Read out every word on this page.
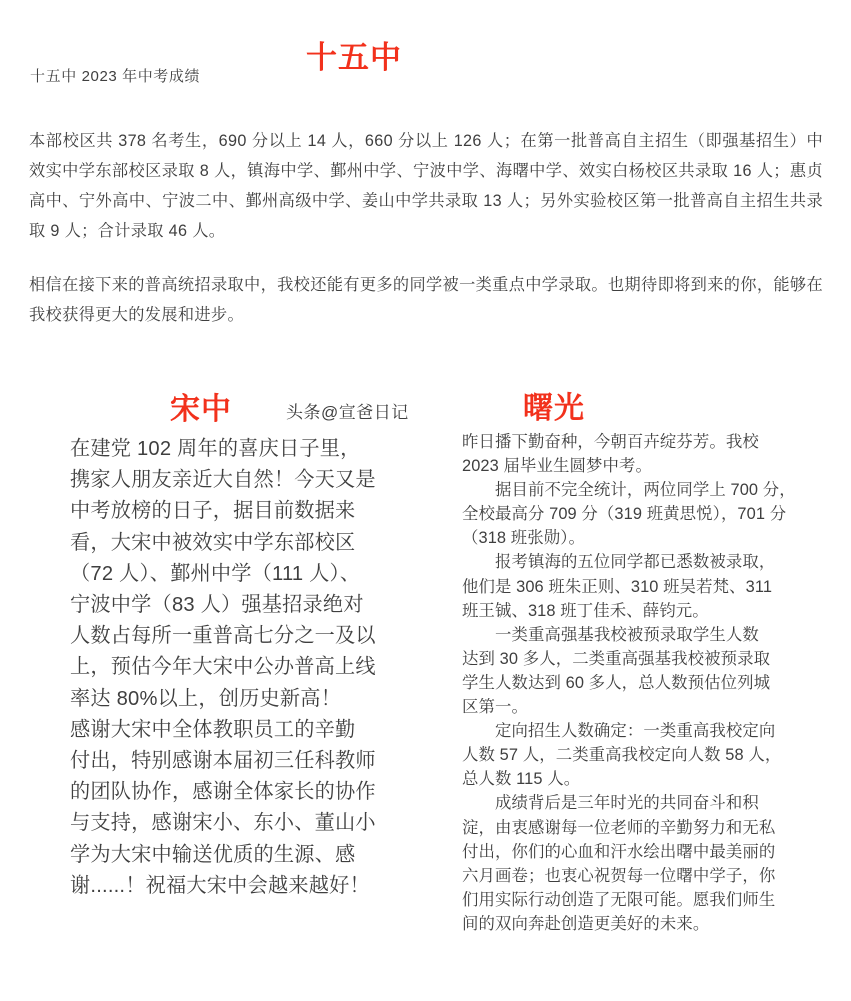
十五中
十五中 2023 年中考成绩
本部校区共 378 名考生，690 分以上 14 人，660 分以上 126 人；在第一批普高自主招生（即强基招生）中效实中学东部校区录取 8 人，镇海中学、鄞州中学、宁波中学、海曙中学、效实白杨校区共录取 16 人；惠贞高中、宁外高中、宁波二中、鄞州高级中学、姜山中学共录取 13 人；另外实验校区第一批普高自主招生共录取 9 人；合计录取 46 人。
相信在接下来的普高统招录取中，我校还能有更多的同学被一类重点中学录取。也期待即将到来的你，能够在我校获得更大的发展和进步。
宋中	头条@宣爸日记	曙光
在建党 102 周年的喜庆日子里，
携家人朋友亲近大自然！今天又是
中考放榜的日子，据目前数据来
看，大宋中被效实中学东部校区
（72 人）、鄞州中学（111 人）、
宁波中学（83 人）强基招录绝对
人数占每所一重普高七分之一及以
上，预估今年大宋中公办普高上线
率达 80%以上，创历史新高！
感谢大宋中全体教职员工的辛勤
付出，特别感谢本届初三任科教师
的团队协作，感谢全体家长的协作
与支持，感谢宋小、东小、董山小
学为大宋中输送优质的生源、感
谢......！祝福大宋中会越来越好！
昨日播下勤奋种，今朝百卉绽芬芳。我校
2023 届毕业生圆梦中考。
　　据目前不完全统计，两位同学上 700 分，
全校最高分 709 分（319 班黄思悦），701 分
（318 班张勋）。
　　报考镇海的五位同学都已悉数被录取，
他们是 306 班朱正则、310 班吴若梵、311
班王铖、318 班丁佳禾、薛钧元。
　　一类重高强基我校被预录取学生人数
达到 30 多人，二类重高强基我校被预录取
学生人数达到 60 多人，总人数预估位列城
区第一。
　　定向招生人数确定：一类重高我校定向
人数 57 人，二类重高我校定向人数 58 人，
总人数 115 人。
　　成绩背后是三年时光的共同奋斗和积
淀，由衷感谢每一位老师的辛勤努力和无私
付出，你们的心血和汗水绘出曙中最美丽的
六月画卷；也衷心祝贺每一位曙中学子，你
们用实际行动创造了无限可能。愿我们师生
间的双向奔赴创造更美好的未来。
